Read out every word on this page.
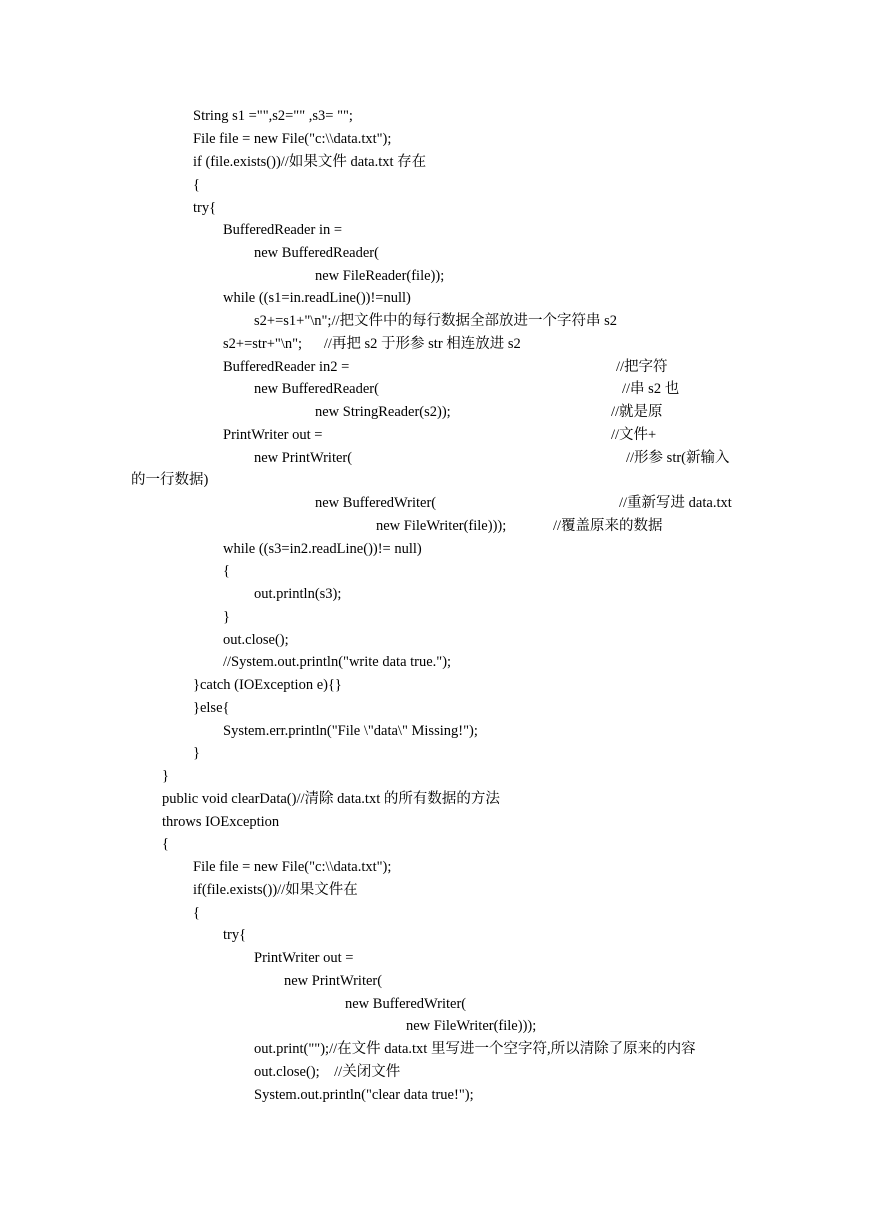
String s1 ="",s2="" ,s3= "";
File file = new File("c:\\data.txt");
if (file.exists())//如果文件 data.txt 存在
{
try{
BufferedReader in =
new BufferedReader(
new FileReader(file));
while ((s1=in.readLine())!=null)
s2+=s1+"\n";//把文件中的每行数据全部放进一个字符串 s2
s2+=str+"\n";      //再把 s2 于形参 str 相连放进 s2
BufferedReader in2 =	//把字符
new BufferedReader(	//串 s2 也
new StringReader(s2));	//就是原
PrintWriter out =	//文件+
new PrintWriter(	//形参 str(新输入
的一行数据)
new BufferedWriter(	//重新写进 data.txt
new FileWriter(file)));	//覆盖原来的数据
while ((s3=in2.readLine())!= null)
{
out.println(s3);
}
out.close();
//System.out.println("write data true.");
}catch (IOException e){}
}else{
System.err.println("File \"data\" Missing!");
}
}
public void clearData()//清除 data.txt 的所有数据的方法
throws IOException
{
File file = new File("c:\\data.txt");
if(file.exists())//如果文件在
{
try{
PrintWriter out =
new PrintWriter(
new BufferedWriter(
new FileWriter(file)));
out.print("");//在文件 data.txt 里写进一个空字符,所以清除了原来的内容
out.close();    //关闭文件
System.out.println("clear data true!");
